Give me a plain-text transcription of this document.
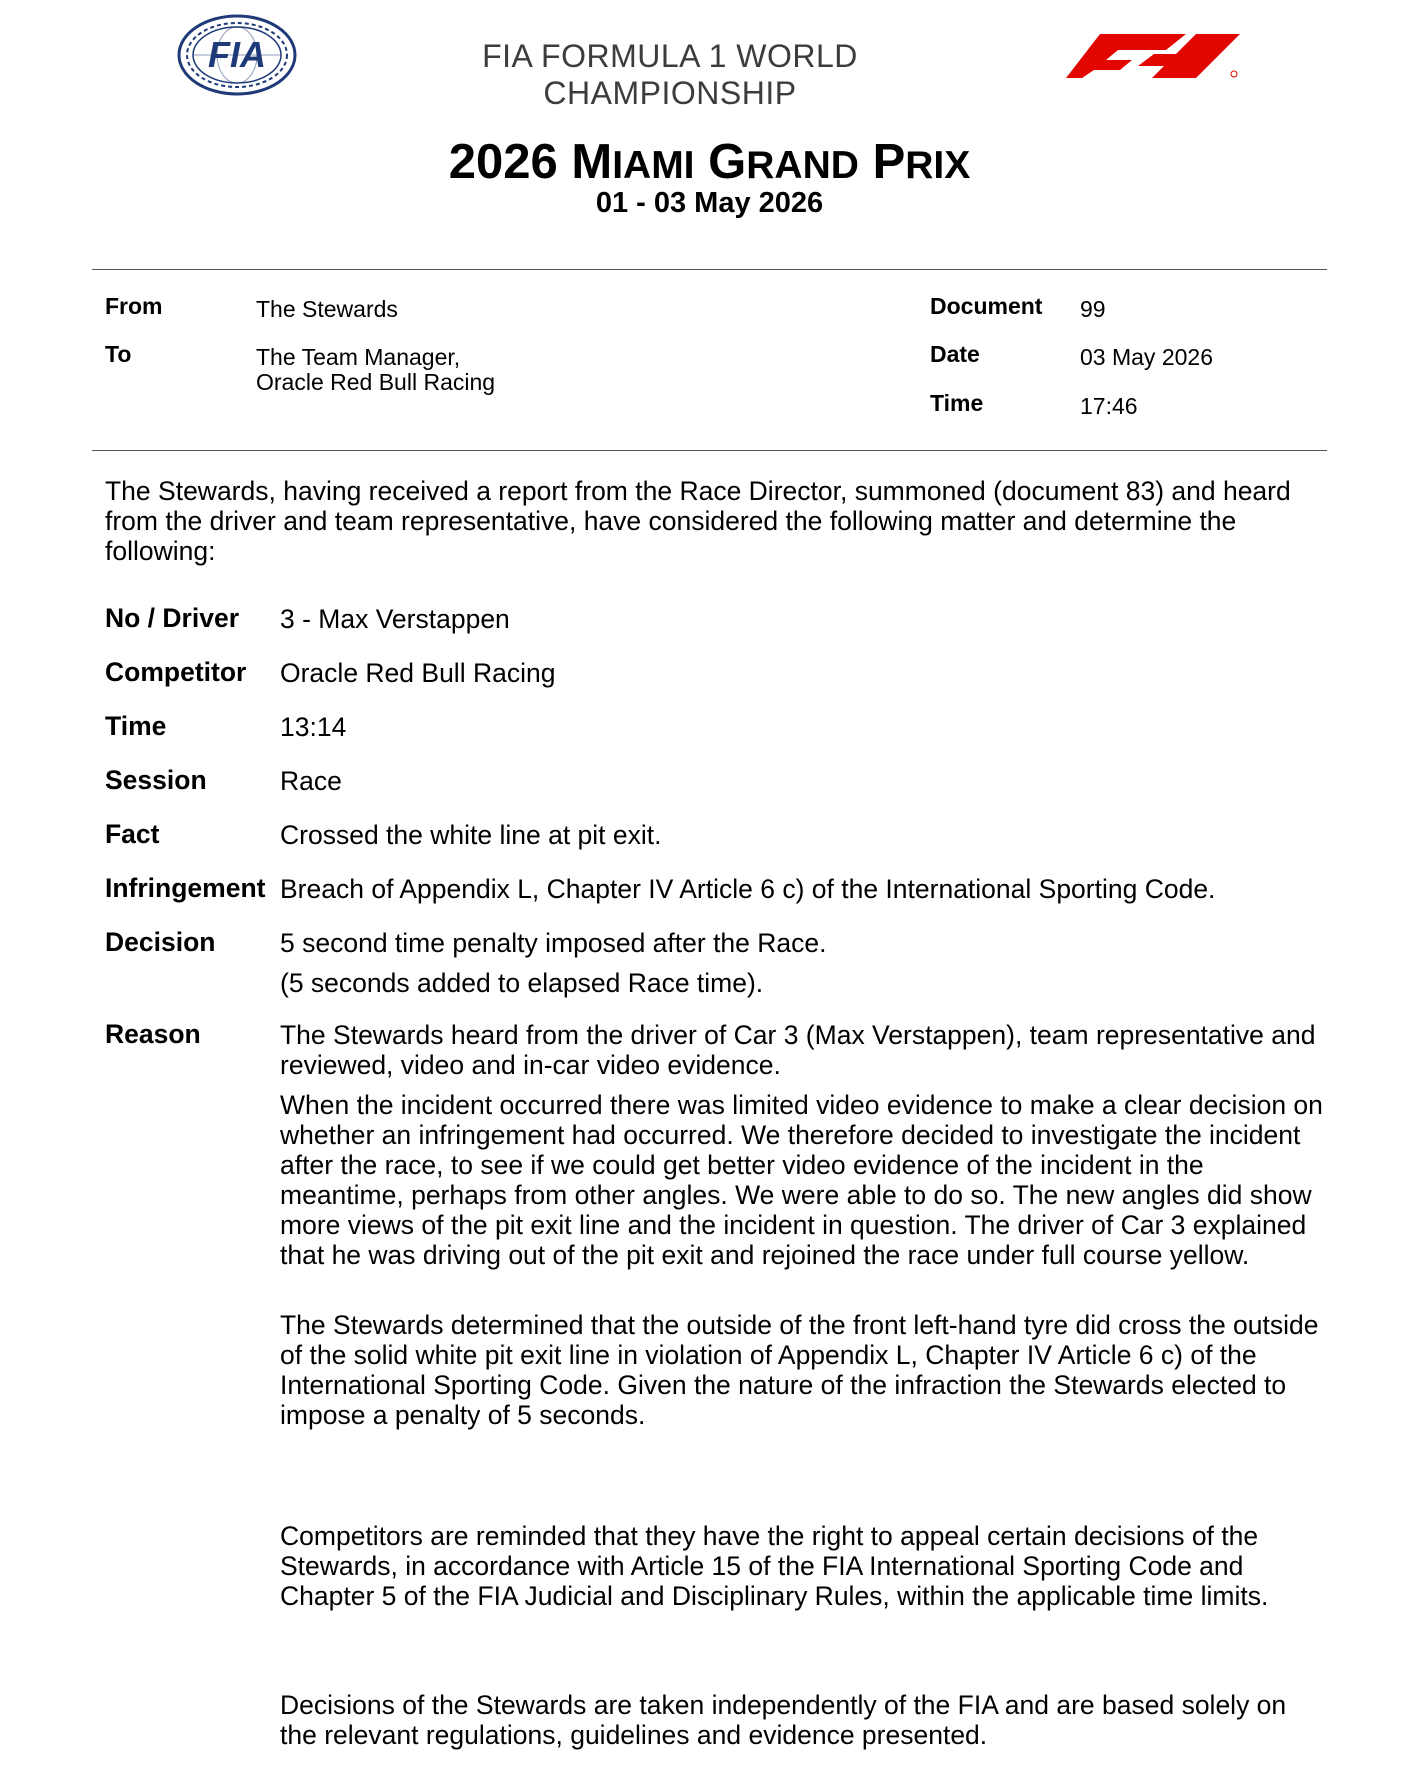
FIA	FIA FORMULA 1 WORLD CHAMPIONSHIP
2026 MIAMI GRAND PRIX
01 - 03 May 2026
From	The Stewards
To	The Team Manager,
Oracle Red Bull Racing
Document 99
Date	03 May 2026
Time	17:46
The Stewards, having received a report from the Race Director, summoned (document 83) and heard from the driver and team representative, have considered the following matter and determine the following:
No / Driver 3 - Max Verstappen
Competitor Oracle Red Bull Racing
Time	13:14
Session	Race
Fact	Crossed the white line at pit exit.
Infringement Breach of Appendix L, Chapter IV Article 6 c) of the International Sporting Code.
Decision 5 second time penalty imposed after the Race.
(5 seconds added to elapsed Race time).
Reason	The Stewards heard from the driver of Car 3 (Max Verstappen), team representative and reviewed, video and in-car video evidence.

When the incident occurred there was limited video evidence to make a clear decision on whether an infringement had occurred. We therefore decided to investigate the incident after the race, to see if we could get better video evidence of the incident in the meantime, perhaps from other angles. We were able to do so. The new angles did show more views of the pit exit line and the incident in question. The driver of Car 3 explained that he was driving out of the pit exit and rejoined the race under full course yellow.

The Stewards determined that the outside of the front left-hand tyre did cross the outside of the solid white pit exit line in violation of Appendix L, Chapter IV Article 6 c) of the International Sporting Code. Given the nature of the infraction the Stewards elected to impose a penalty of 5 seconds.

Competitors are reminded that they have the right to appeal certain decisions of the Stewards, in accordance with Article 15 of the FIA International Sporting Code and Chapter 5 of the FIA Judicial and Disciplinary Rules, within the applicable time limits.

Decisions of the Stewards are taken independently of the FIA and are based solely on the relevant regulations, guidelines and evidence presented.
